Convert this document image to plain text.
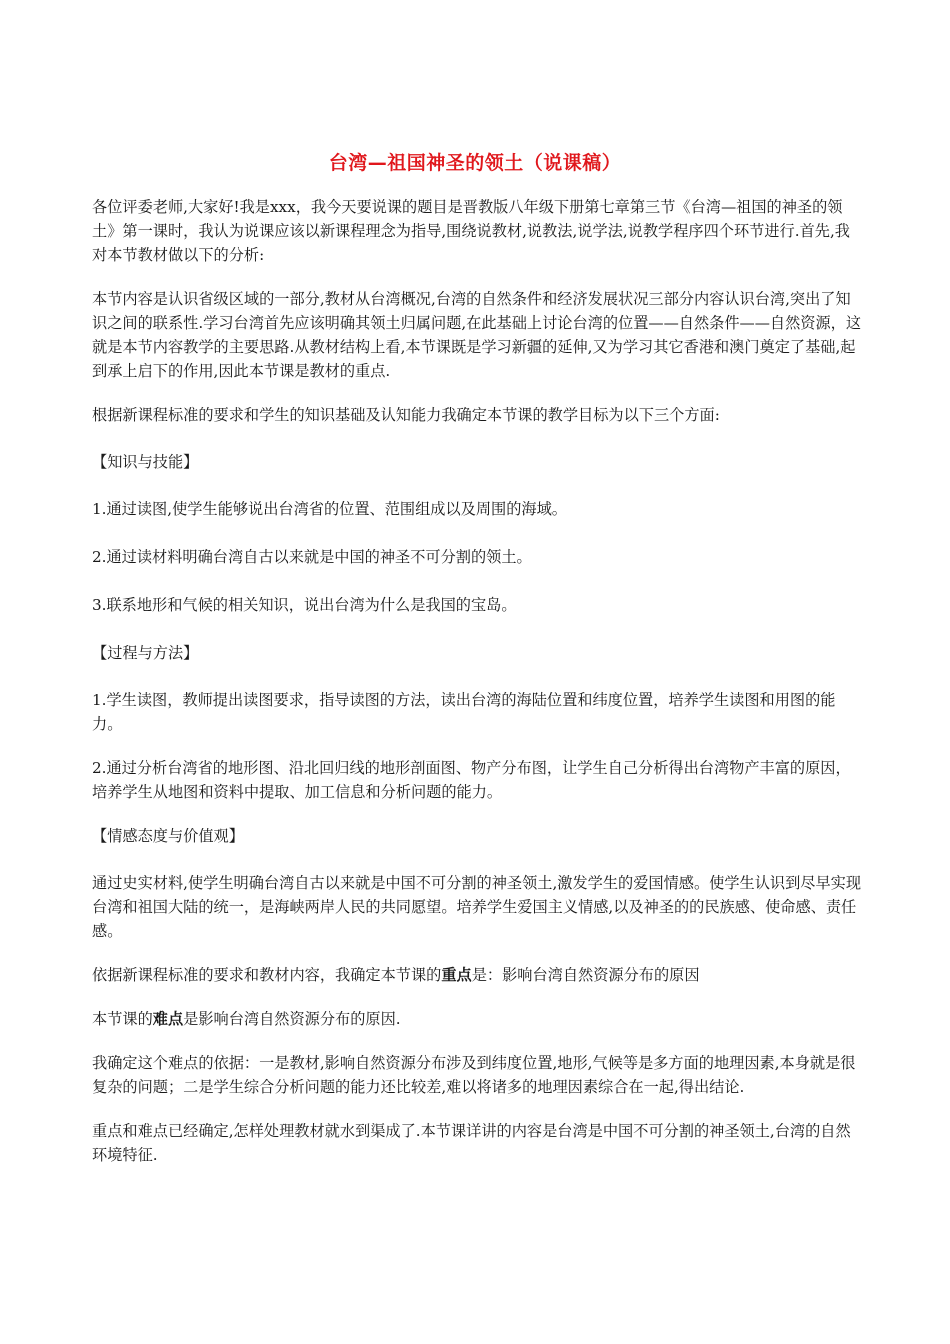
台湾—祖国神圣的领土（说课稿）

各位评委老师,大家好!我是xxx，我今天要说课的题目是晋教版八年级下册第七章第三节《台湾—祖国的神圣的领土》第一课时，我认为说课应该以新课程理念为指导,围绕说教材,说教法,说学法,说教学程序四个环节进行.首先,我对本节教材做以下的分析:

本节内容是认识省级区域的一部分,教材从台湾概况,台湾的自然条件和经济发展状况三部分内容认识台湾,突出了知识之间的联系性.学习台湾首先应该明确其领土归属问题,在此基础上讨论台湾的位置——自然条件——自然资源，这就是本节内容教学的主要思路.从教材结构上看,本节课既是学习新疆的延伸,又为学习其它香港和澳门奠定了基础,起到承上启下的作用,因此本节课是教材的重点.

根据新课程标准的要求和学生的知识基础及认知能力我确定本节课的教学目标为以下三个方面:

【知识与技能】

1.通过读图,使学生能够说出台湾省的位置、范围组成以及周围的海域。

2.通过读材料明确台湾自古以来就是中国的神圣不可分割的领土。

3.联系地形和气候的相关知识，说出台湾为什么是我国的宝岛。

【过程与方法】

1.学生读图，教师提出读图要求，指导读图的方法，读出台湾的海陆位置和纬度位置，培养学生读图和用图的能力。

2.通过分析台湾省的地形图、沿北回归线的地形剖面图、物产分布图，让学生自己分析得出台湾物产丰富的原因，培养学生从地图和资料中提取、加工信息和分析问题的能力。

【情感态度与价值观】

通过史实材料,使学生明确台湾自古以来就是中国不可分割的神圣领土,激发学生的爱国情感。使学生认识到尽早实现台湾和祖国大陆的统一，是海峡两岸人民的共同愿望。培养学生爱国主义情感,以及神圣的的民族感、使命感、责任感。

依据新课程标准的要求和教材内容，我确定本节课的重点是：影响台湾自然资源分布的原因

本节课的难点是影响台湾自然资源分布的原因.

我确定这个难点的依据：一是教材,影响自然资源分布涉及到纬度位置,地形,气候等是多方面的地理因素,本身就是很复杂的问题；二是学生综合分析问题的能力还比较差,难以将诸多的地理因素综合在一起,得出结论.

重点和难点已经确定,怎样处理教材就水到渠成了.本节课详讲的内容是台湾是中国不可分割的神圣领土,台湾的自然环境特征.
